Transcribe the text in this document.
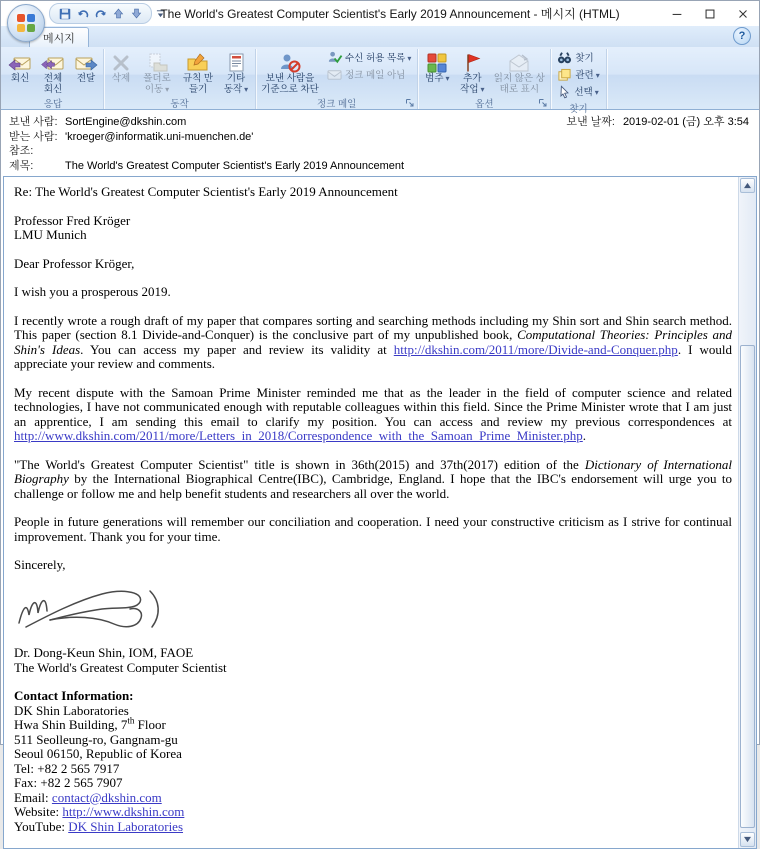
The World's Greatest Computer Scientist's Early 2019 Announcement - 메시지 (HTML)
메시지	?
회신	전체 회신
전달
응답
삭제	폴더로 이동 ▾
규칙 만들기
기타 동작 ▾
동작
보낸 사람을 기준으로 차단
수신 허용 목록 ▾
정크 메일 아님
정크 메일
범주 ▾	추가 작업 ▾
읽지 않은 상태로 표시
옵션
찾기
관련 ▾
선택 ▾
찾기
보낸 사람: SortEngine@dkshin.com	보낸 날짜: 2019-02-01 (금) 오후 3:54
받는 사람: 'kroeger@informatik.uni-muenchen.de'
참조:
제목:	The World's Greatest Computer Scientist's Early 2019 Announcement

Re: The World's Greatest Computer Scientist's Early 2019 Announcement

Professor Fred Kröger
LMU Munich

Dear Professor Kröger,

I wish you a prosperous 2019.

I recently wrote a rough draft of my paper that compares sorting and searching methods including my Shin sort and Shin search method. This paper (section 8.1 Divide-and-Conquer) is the conclusive part of my unpublished book, Computational Theories: Principles and Shin's Ideas. You can access my paper and review its validity at http://dkshin.com/2011/more/Divide-and-Conquer.php. I would appreciate your review and comments.

My recent dispute with the Samoan Prime Minister reminded me that as the leader in the field of computer science and related technologies, I have not communicated enough with reputable colleagues within this field. Since the Prime Minister wrote that I am just an apprentice, I am sending this email to clarify my position. You can access and review my previous correspondences at http://www.dkshin.com/2011/more/Letters_in_2018/Correspondence_with_the_Samoan_Prime_Minister.php.

"The World's Greatest Computer Scientist" title is shown in 36th(2015) and 37th(2017) edition of the Dictionary of International Biography by the International Biographical Centre(IBC), Cambridge, England. I hope that the IBC's endorsement will urge you to challenge or follow me and help benefit students and researchers all over the world.

People in future generations will remember our conciliation and cooperation. I need your constructive criticism as I strive for continual improvement. Thank you for your time.

Sincerely,

Dr. Dong-Keun Shin, IOM, FAOE
The World's Greatest Computer Scientist

Contact Information:
DK Shin Laboratories
Hwa Shin Building, 7th Floor
511 Seolleung-ro, Gangnam-gu
Seoul 06150, Republic of Korea
Tel: +82 2 565 7917
Fax: +82 2 565 7907
Email: contact@dkshin.com
Website: http://www.dkshin.com
YouTube: DK Shin Laboratories
